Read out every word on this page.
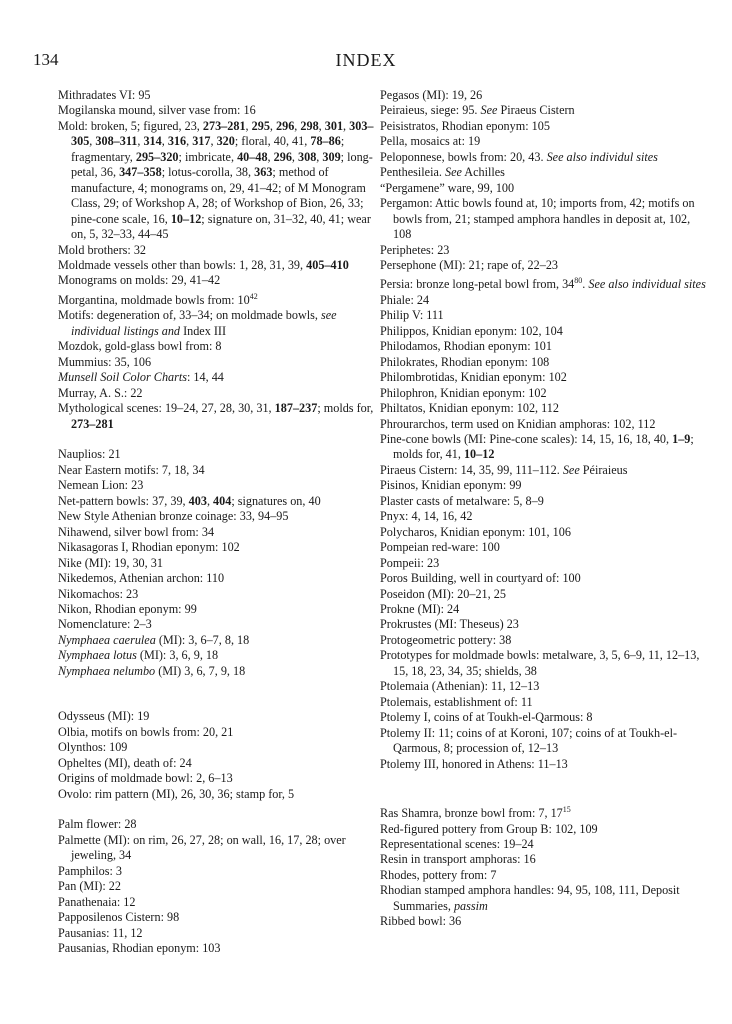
134	INDEX

Mithradates VI: 95

Mogilanska mound, silver vase from: 16

Mold: broken, 5; figured, 23, 273–281, 295, 296, 298, 301, 303–305, 308–311, 314, 316, 317, 320; floral, 40, 41, 78–86; fragmentary, 295–320; imbricate, 40–48, 296, 308, 309; long-petal, 36, 347–358; lotus-corolla, 38, 363; method of manufacture, 4; monograms on, 29, 41–42; of M Monogram Class, 29; of Workshop A, 28; of Workshop of Bion, 26, 33; pine-cone scale, 16, 10–12; signature on, 31–32, 40, 41; wear on, 5, 32–33, 44–45

Mold brothers: 32

Moldmade vessels other than bowls: 1, 28, 31, 39, 405–410

Monograms on molds: 29, 41–42

Morgantina, moldmade bowls from: $10^{42}$

Motifs: degeneration of, 33–34; on moldmade bowls, see individual listings and Index III

Mozdok, gold-glass bowl from: 8

Mummius: 35, 106

Munsell Soil Color Charts: 14, 44

Murray, A. S.: 22

Mythological scenes: 19–24, 27, 28, 30, 31, 187–237; molds for, 273–281

Nauplios: 21

Near Eastern motifs: 7, 18, 34

Nemean Lion: 23

Net-pattern bowls: 37, 39, 403, 404; signatures on, 40

New Style Athenian bronze coinage: 33, 94–95

Nihawend, silver bowl from: 34

Nikasagoras I, Rhodian eponym: 102

Nike (MI): 19, 30, 31

Nikedemos, Athenian archon: 110

Nikomachos: 23

Nikon, Rhodian eponym: 99

Nomenclature: 2–3

Nymphaea caerulea (MI): 3, 6–7, 8, 18

Nymphaea lotus (MI): 3, 6, 9, 18

Nymphaea nelumbo (MI) 3, 6, 7, 9, 18

Odysseus (MI): 19

Olbia, motifs on bowls from: 20, 21

Olynthos: 109

Opheltes (MI), death of: 24

Origins of moldmade bowl: 2, 6–13

Ovolo: rim pattern (MI), 26, 30, 36; stamp for, 5

Palm flower: 28

Palmette (MI): on rim, 26, 27, 28; on wall, 16, 17, 28; over jeweling, 34

Pamphilos: 3

Pan (MI): 22

Panathenaia: 12

Papposilenos Cistern: 98

Pausanias: 11, 12

Pausanias, Rhodian eponym: 103

Pegasos (MI): 19, 26

Peiraieus, siege: 95. See Piraeus Cistern

Peisistratos, Rhodian eponym: 105

Pella, mosaics at: 19

Peloponnese, bowls from: 20, 43. See also individul sites

Penthesileia. See Achilles

“Pergamene” ware, 99, 100

Pergamon: Attic bowls found at, 10; imports from, 42; motifs on bowls from, 21; stamped amphora handles in deposit at, 102, 108

Periphetes: 23

Persephone (MI): 21; rape of, 22–23

Persia: bronze long-petal bowl from, $34^{80}$. See also individual sites

Phiale: 24

Philip V: 111

Philippos, Knidian eponym: 102, 104

Philodamos, Rhodian eponym: 101

Philokrates, Rhodian eponym: 108

Philombrotidas, Knidian eponym: 102

Philophron, Knidian eponym: 102

Philtatos, Knidian eponym: 102, 112

Phrourarchos, term used on Knidian amphoras: 102, 112

Pine-cone bowls (MI: Pine-cone scales): 14, 15, 16, 18, 40, 1–9; molds for, 41, 10–12

Piraeus Cistern: 14, 35, 99, 111–112. See Péiraieus

Pisinos, Knidian eponym: 99

Plaster casts of metalware: 5, 8–9

Pnyx: 4, 14, 16, 42

Polycharos, Knidian eponym: 101, 106

Pompeian red-ware: 100

Pompeii: 23

Poros Building, well in courtyard of: 100

Poseidon (MI): 20–21, 25

Prokne (MI): 24

Prokrustes (MI: Theseus) 23

Protogeometric pottery: 38

Prototypes for moldmade bowls: metalware, 3, 5, 6–9, 11, 12–13, 15, 18, 23, 34, 35; shields, 38

Ptolemaia (Athenian): 11, 12–13

Ptolemais, establishment of: 11

Ptolemy I, coins of at Toukh-el-Qarmous: 8

Ptolemy II: 11; coins of at Koroni, 107; coins of at Toukh-el-Qarmous, 8; procession of, 12–13

Ptolemy III, honored in Athens: 11–13

Ras Shamra, bronze bowl from: 7, $17^{15}$

Red-figured pottery from Group B: 102, 109

Representational scenes: 19–24

Resin in transport amphoras: 16

Rhodes, pottery from: 7

Rhodian stamped amphora handles: 94, 95, 108, 111, Deposit Summaries, passim

Ribbed bowl: 36
